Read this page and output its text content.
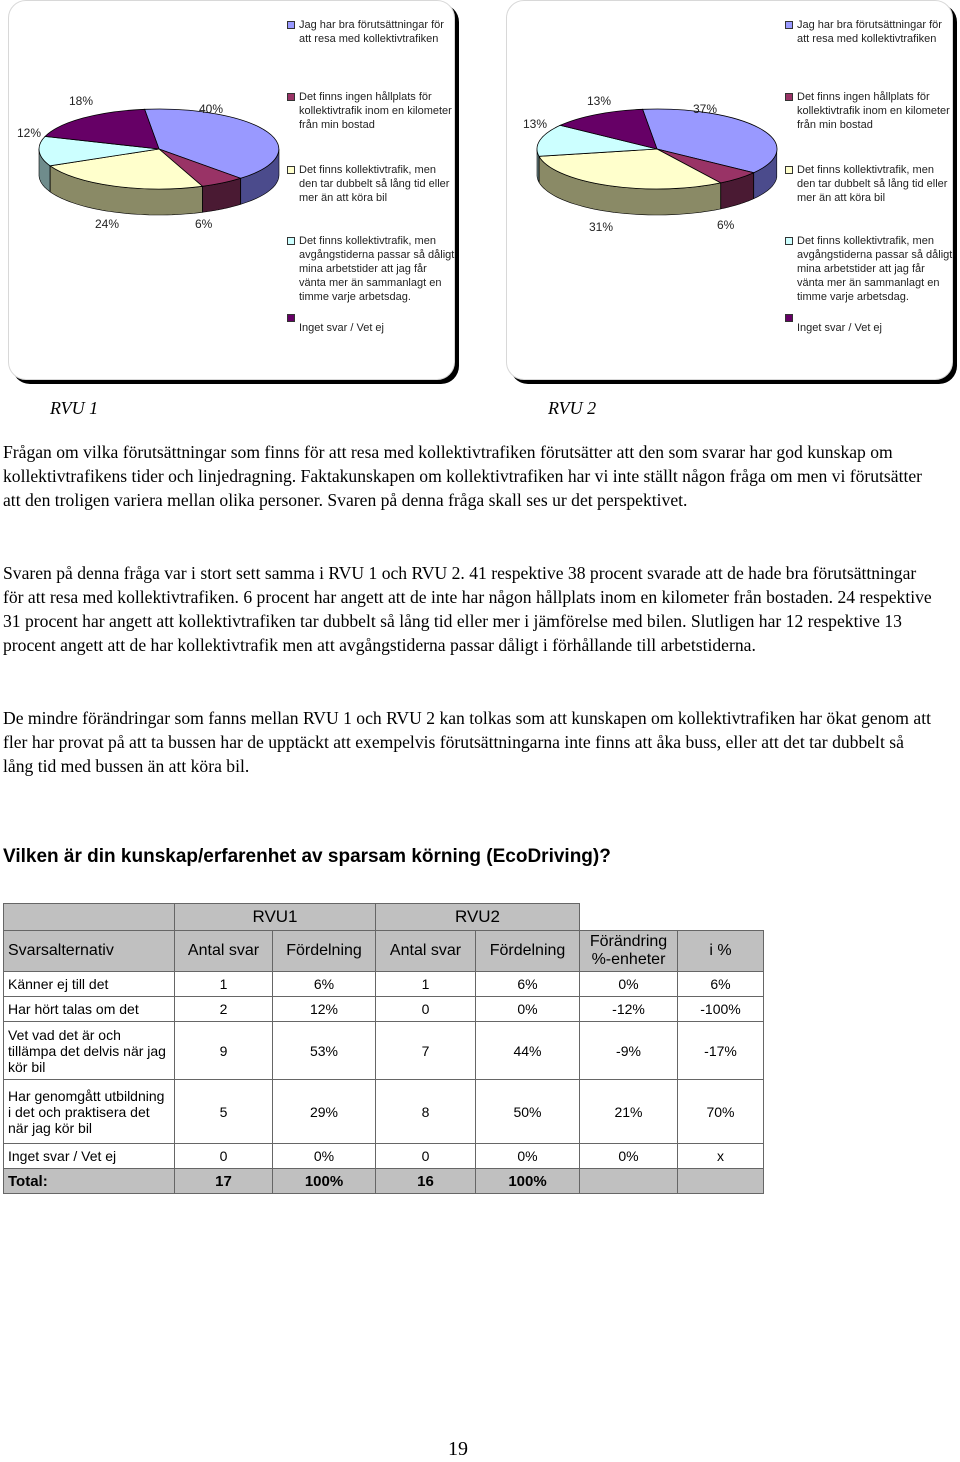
40%
6%
24%
12%
18%
Jag har bra förutsättningar för att resa med kollektivtrafiken
Det finns ingen hållplats för kollektivtrafik inom en kilometer från min bostad
Det finns kollektivtrafik, men den tar dubbelt så lång tid eller mer än att köra bil
Det finns kollektivtrafik, men avgångstiderna passar så dåligt mina arbetstider att jag får vänta mer än sammanlagt en timme varje arbetsdag.
Inget svar / Vet ej
37%
6%
31%
13%
13%
Jag har bra förutsättningar för att resa med kollektivtrafiken
Det finns ingen hållplats för kollektivtrafik inom en kilometer från min bostad
Det finns kollektivtrafik, men den tar dubbelt så lång tid eller mer än att köra bil
Det finns kollektivtrafik, men avgångstiderna passar så dåligt mina arbetstider att jag får vänta mer än sammanlagt en timme varje arbetsdag.
Inget svar / Vet ej
RVU 1	RVU 2

Frågan om vilka förutsättningar som finns för att resa med kollektivtrafiken förutsätter att den som svarar har god kunskap om kollektivtrafikens tider och linjedragning. Faktakunskapen om kollektivtrafiken har vi inte ställt någon fråga om men vi förutsätter att den troligen variera mellan olika personer. Svaren på denna fråga skall ses ur det perspektivet.

Svaren på denna fråga var i stort sett samma i RVU 1 och RVU 2. 41 respektive 38 procent svarade att de hade bra förutsättningar för att resa med kollektivtrafiken. 6 procent har angett att de inte har någon hållplats inom en kilometer från bostaden. 24 respektive 31 procent har angett att kollektivtrafiken tar dubbelt så lång tid eller mer i jämförelse med bilen. Slutligen har 12 respektive 13 procent angett att de har kollektivtrafik men att avgångstiderna passar dåligt i förhållande till arbetstiderna.

De mindre förändringar som fanns mellan RVU 1 och RVU 2 kan tolkas som att kunskapen om kollektivtrafiken har ökat genom att fler har provat på att ta bussen har de upptäckt att exempelvis förutsättningarna inte finns att åka buss, eller att det tar dubbelt så lång tid med bussen än att köra bil.

Vilken är din kunskap/erfarenhet av sparsam körning (EcoDriving)?
	RVU1		RVU2			
Svarsalternativ	Antal svar	Fördelning	Antal svar	Fördelning	Förändring %-enheter	i %
Känner ej till det	1	6%	1	6%	0%	6%
Har hört talas om det	2	12%	0	0%	-12%	-100%
Vet vad det är och tillämpa det delvis när jag kör bil	9	53%	7	44%	-9%	-17%
Har genomgått utbildning i det och praktisera det när jag kör bil	5	29%	8	50%	21%	70%
Inget svar / Vet ej	0	0%	0	0%	0%	x
Total:	17	100%	16	100%		
19
